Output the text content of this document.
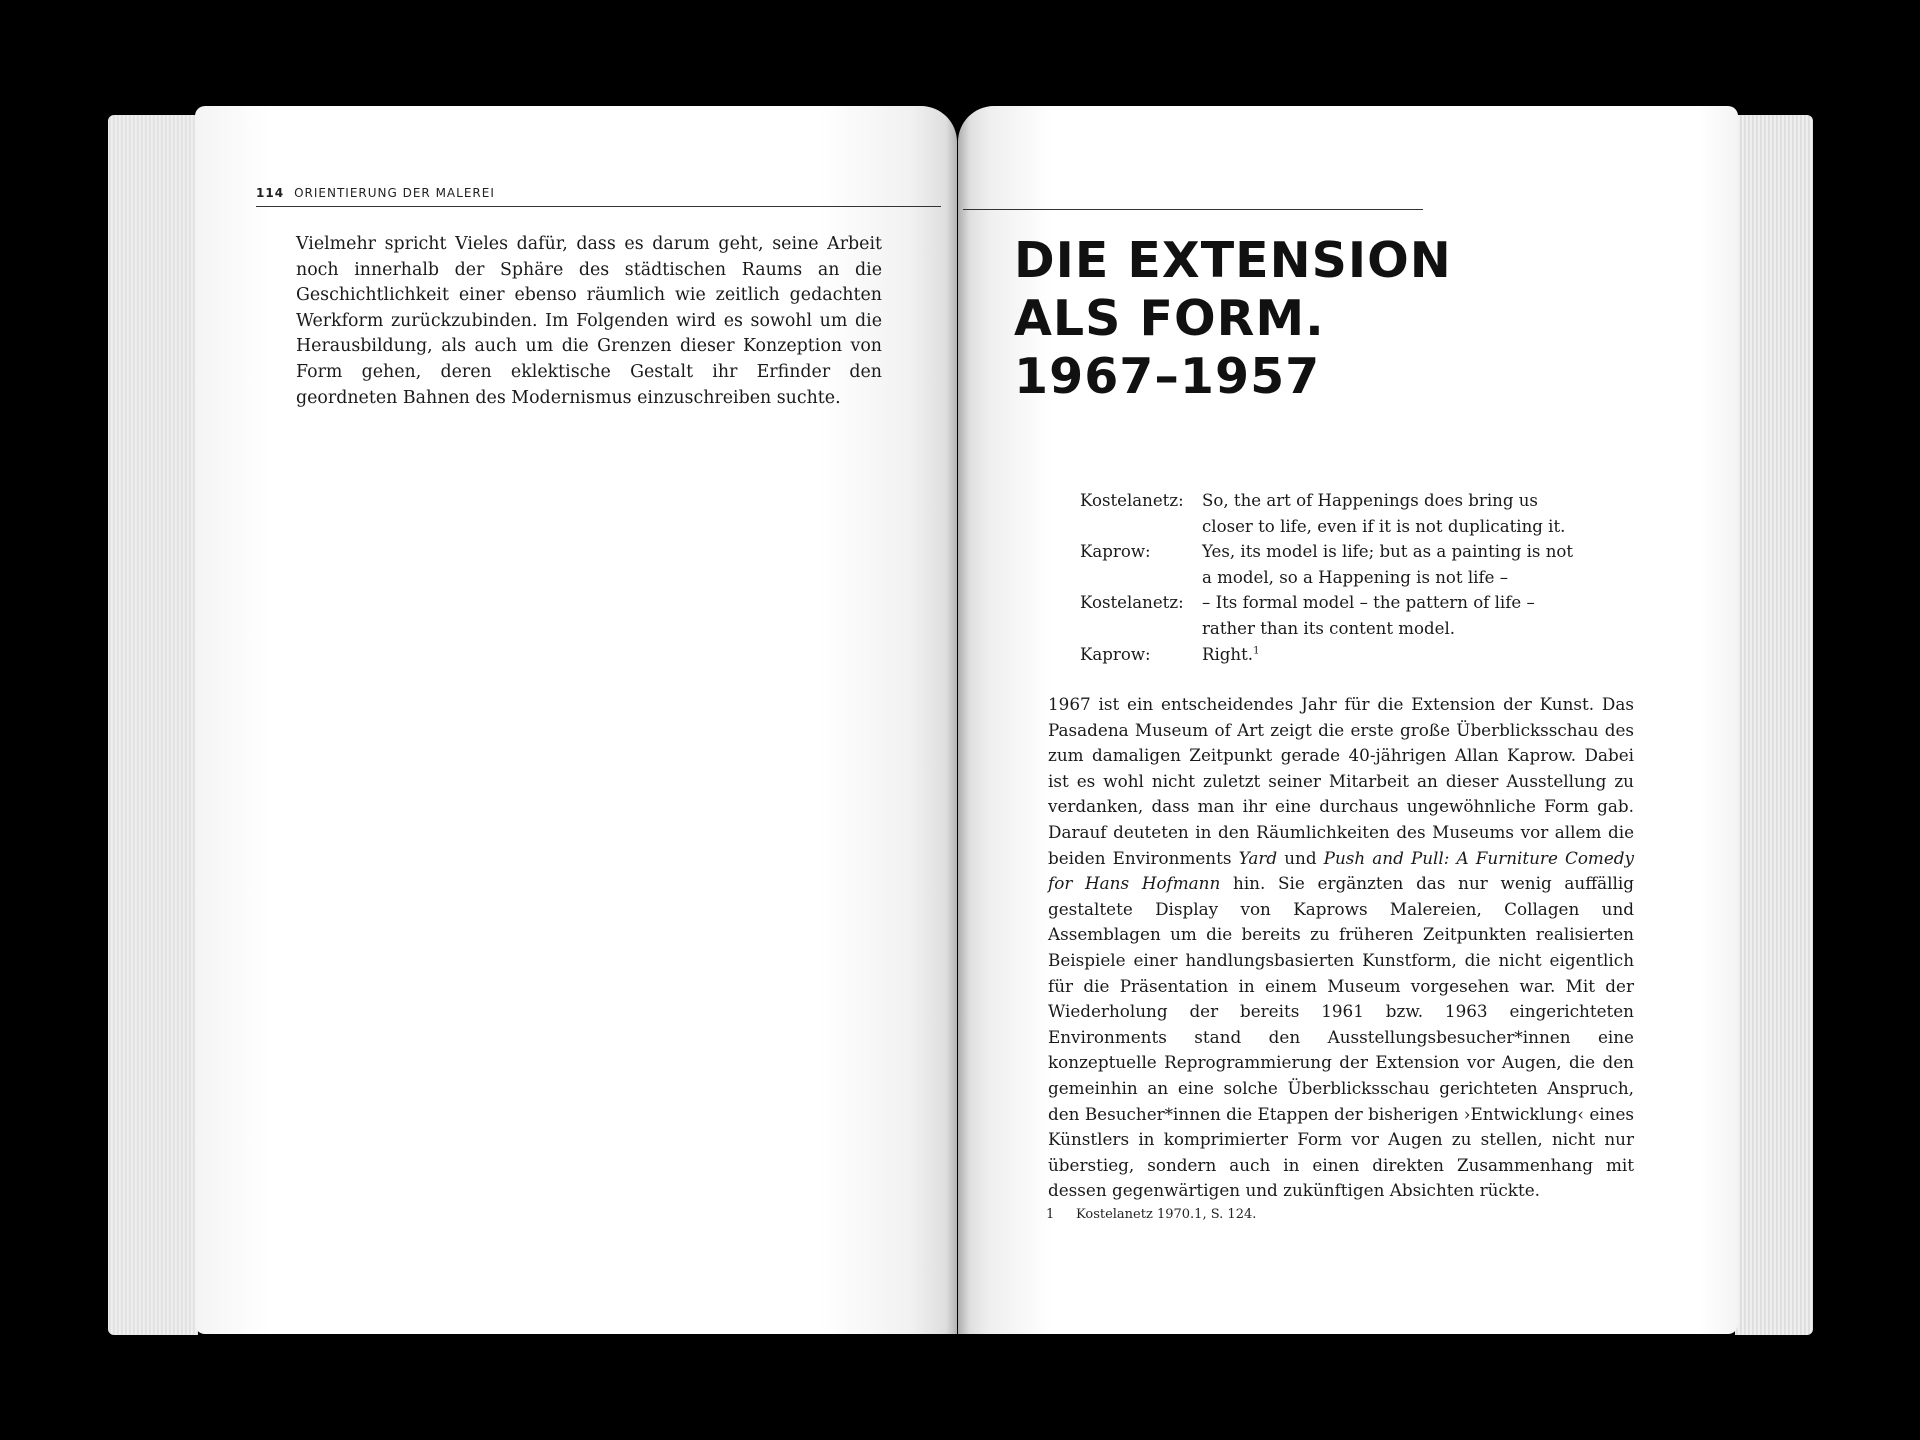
114 ORIENTIERUNG DER MALEREI

Vielmehr spricht Vieles dafür, dass es darum geht, seine Arbeit noch innerhalb der Sphäre des städtischen Raums an die Geschichtlichkeit einer ebenso räumlich wie zeitlich gedachten Werkform zurückzubinden. Im Folgenden wird es sowohl um die Herausbildung, als auch um die Grenzen dieser Konzeption von Form gehen, deren eklektische Gestalt ihr Erfinder den geordneten Bahnen des Modernismus einzuschreiben suchte.

DIE EXTENSION
ALS FORM.
1967–1957
Kostelanetz:	So, the art of Happenings does bring us
closer to life, even if it is not duplicating it.
Kaprow:	Yes, its model is life; but as a painting is not
a model, so a Happening is not life –
Kostelanetz:	– Its formal model – the pattern of life –
rather than its content model.
Kaprow:	Right.$^1$

1967 ist ein entscheidendes Jahr für die Extension der Kunst. Das Pasadena Museum of Art zeigt die erste große Überblicksschau des zum damaligen Zeitpunkt gerade 40-jährigen Allan Kaprow. Dabei ist es wohl nicht zuletzt seiner Mitarbeit an dieser Ausstellung zu verdanken, dass man ihr eine durchaus ungewöhnliche Form gab. Darauf deuteten in den Räumlichkeiten des Museums vor allem die beiden Environments Yard und Push and Pull: A Furniture Comedy for Hans Hofmann hin. Sie ergänzten das nur wenig auffällig gestaltete Display von Kaprows Malereien, Collagen und Assemblagen um die bereits zu früheren Zeitpunkten realisierten Beispiele einer handlungsbasierten Kunstform, die nicht eigentlich für die Präsentation in einem Museum vorgesehen war. Mit der Wiederholung der bereits 1961 bzw. 1963 eingerichteten Environments stand den Ausstellungsbesucher*innen eine konzeptuelle Reprogrammierung der Extension vor Augen, die den gemeinhin an eine solche Überblicksschau gerichteten Anspruch, den Besucher*innen die Etappen der bisherigen ›Entwicklung‹ eines Künstlers in komprimierter Form vor Augen zu stellen, nicht nur überstieg, sondern auch in einen direkten Zusammenhang mit dessen gegenwärtigen und zukünftigen Absichten rückte.

1 Kostelanetz 1970.1, S. 124.
